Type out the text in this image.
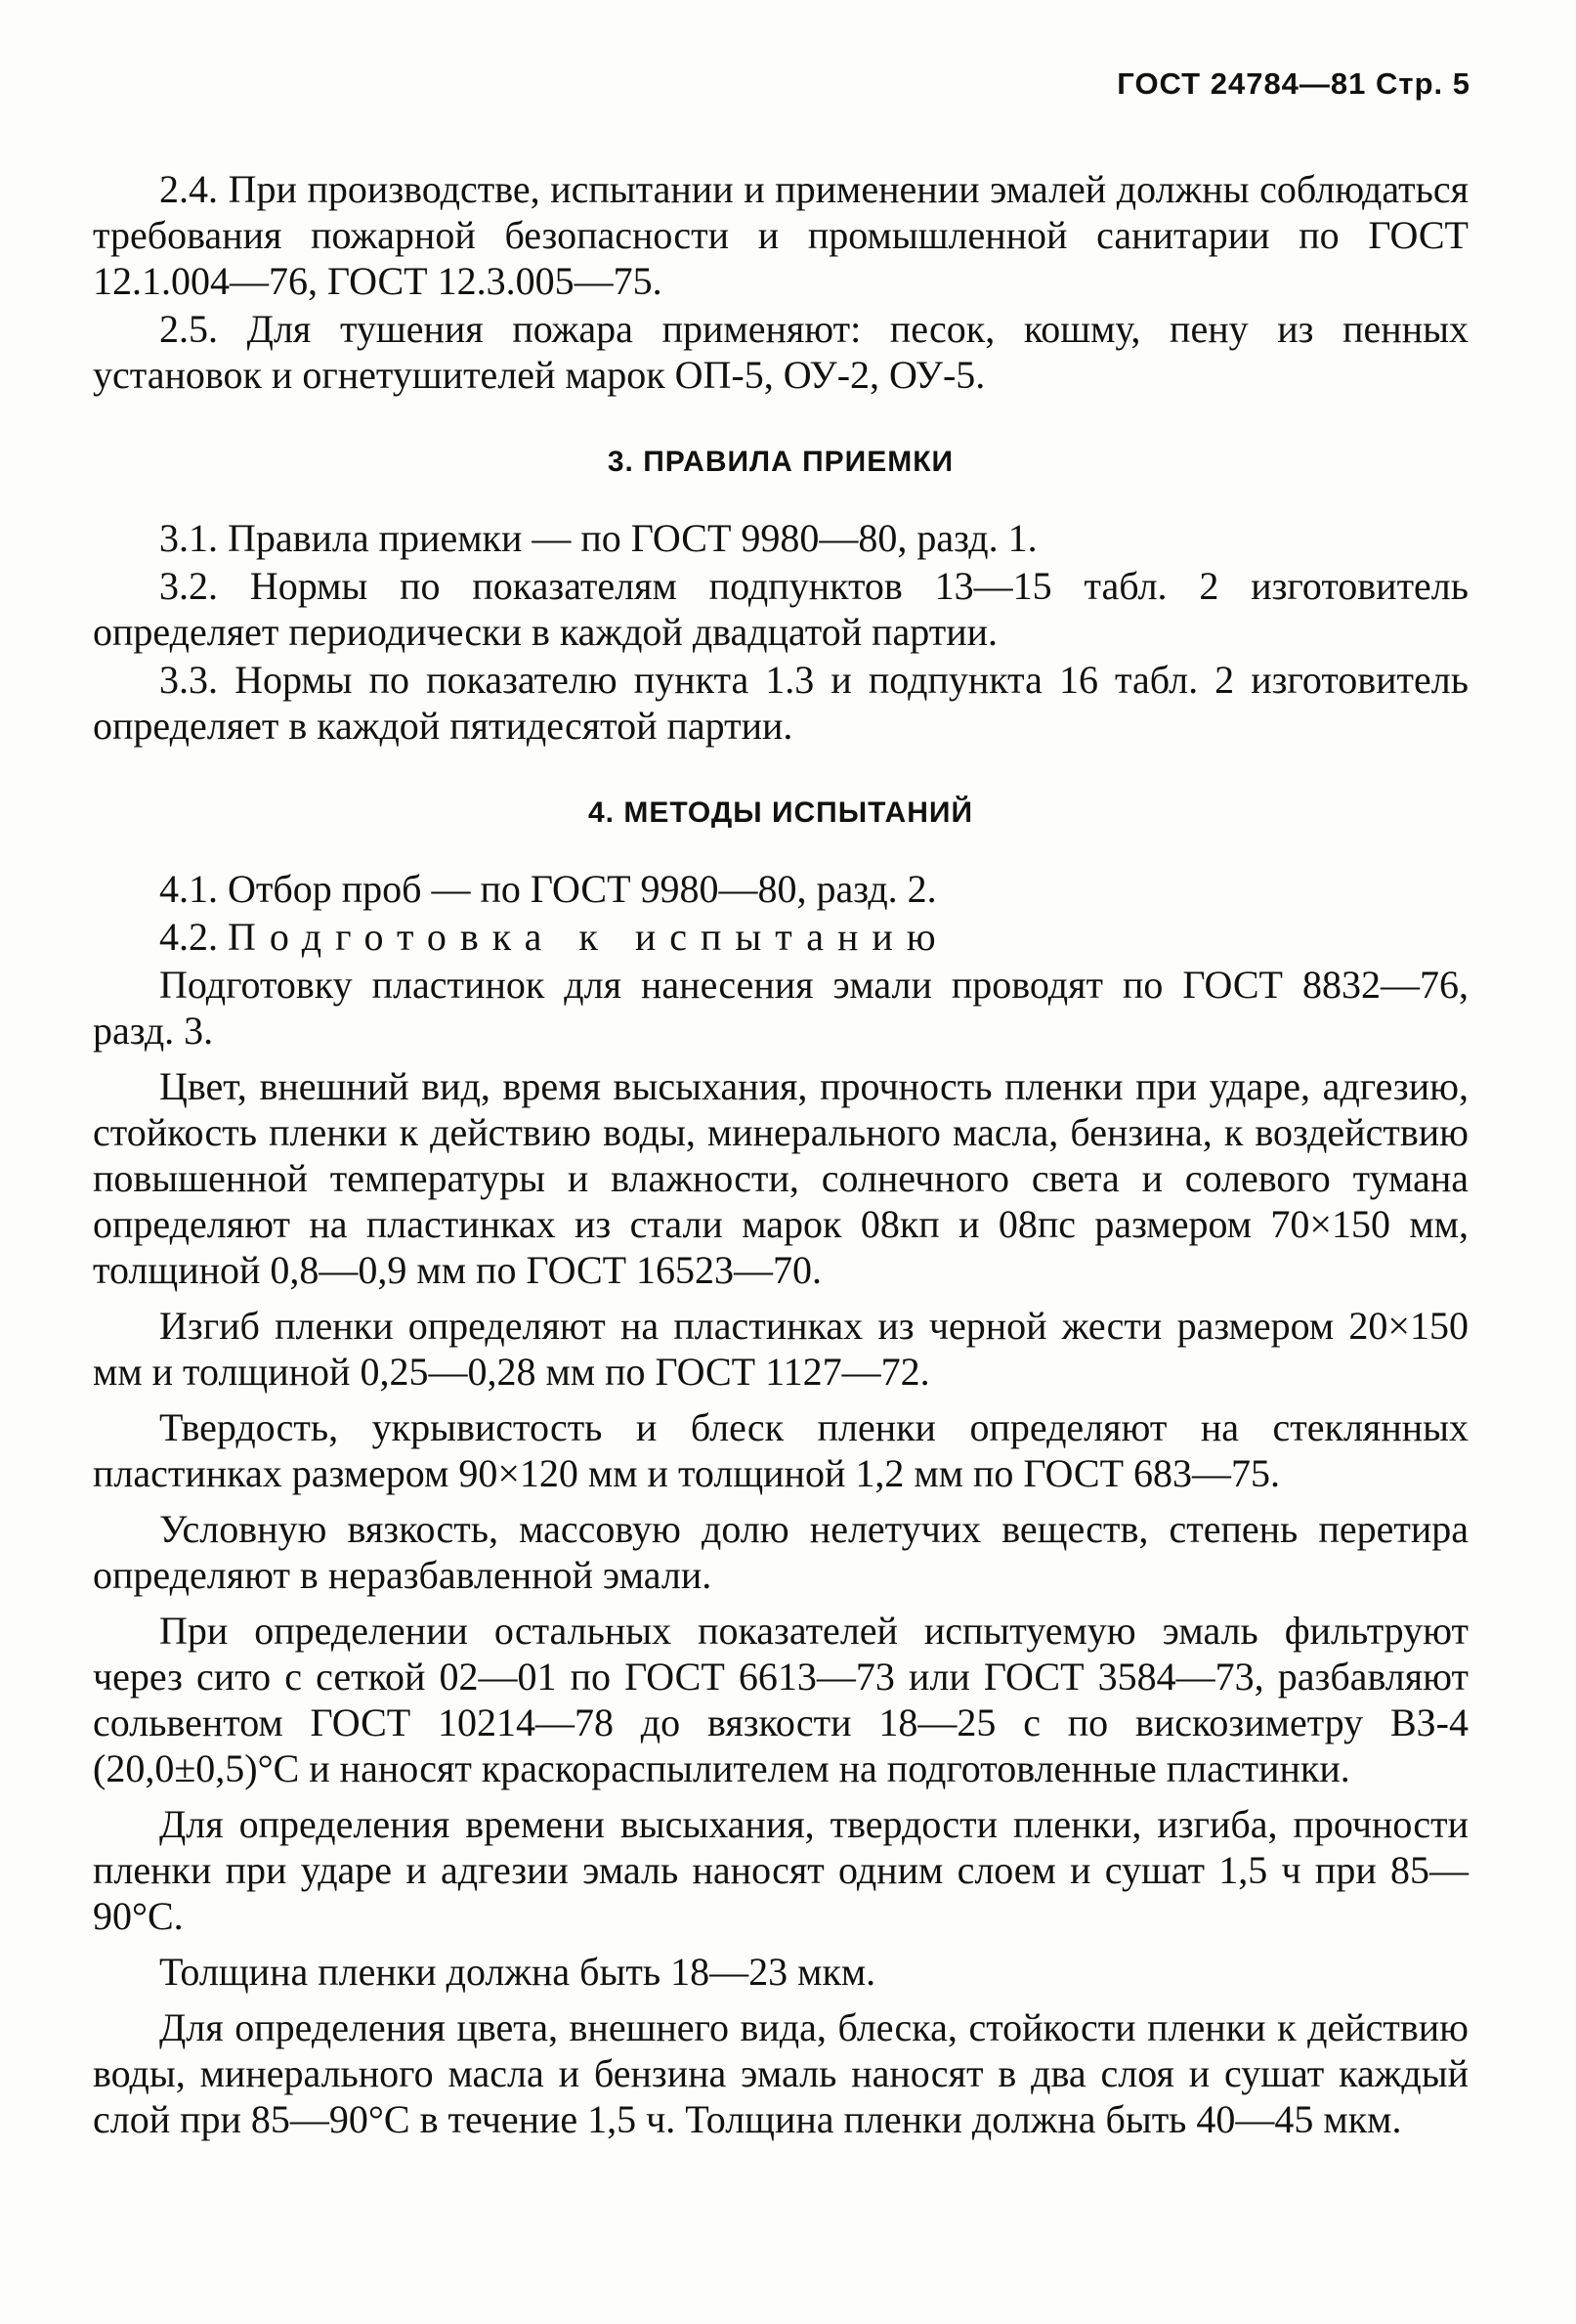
ГОСТ 24784—81 Стр. 5

2.4. При производстве, испытании и применении эмалей должны соблюдаться требования пожарной безопасности и промышленной санитарии по ГОСТ 12.1.004—76, ГОСТ 12.3.005—75.

2.5. Для тушения пожара применяют: песок, кошму, пену из пенных установок и огнетушителей марок ОП-5, ОУ-2, ОУ-5.

3. ПРАВИЛА ПРИЕМКИ

3.1. Правила приемки — по ГОСТ 9980—80, разд. 1.

3.2. Нормы по показателям подпунктов 13—15 табл. 2 изготовитель определяет периодически в каждой двадцатой партии.

3.3. Нормы по показателю пункта 1.3 и подпункта 16 табл. 2 изготовитель определяет в каждой пятидесятой партии.

4. МЕТОДЫ ИСПЫТАНИЙ

4.1. Отбор проб — по ГОСТ 9980—80, разд. 2.

4.2. Подготовка к испытанию

Подготовку пластинок для нанесения эмали проводят по ГОСТ 8832—76, разд. 3.

Цвет, внешний вид, время высыхания, прочность пленки при ударе, адгезию, стойкость пленки к действию воды, минерального масла, бензина, к воздействию повышенной температуры и влажности, солнечного света и солевого тумана определяют на пластинках из стали марок 08кп и 08пс размером 70×150 мм, толщиной 0,8—0,9 мм по ГОСТ 16523—70.

Изгиб пленки определяют на пластинках из черной жести размером 20×150 мм и толщиной 0,25—0,28 мм по ГОСТ 1127—72.

Твердость, укрывистость и блеск пленки определяют на стеклянных пластинках размером 90×120 мм и толщиной 1,2 мм по ГОСТ 683—75.

Условную вязкость, массовую долю нелетучих веществ, степень перетира определяют в неразбавленной эмали.

При определении остальных показателей испытуемую эмаль фильтруют через сито с сеткой 02—01 по ГОСТ 6613—73 или ГОСТ 3584—73, разбавляют сольвентом ГОСТ 10214—78 до вязкости 18—25 с по вискозиметру ВЗ-4 (20,0±0,5)°С и наносят краскораспылителем на подготовленные пластинки.

Для определения времени высыхания, твердости пленки, изгиба, прочности пленки при ударе и адгезии эмаль наносят одним слоем и сушат 1,5 ч при 85—90°С.

Толщина пленки должна быть 18—23 мкм.

Для определения цвета, внешнего вида, блеска, стойкости пленки к действию воды, минерального масла и бензина эмаль наносят в два слоя и сушат каждый слой при 85—90°С в течение 1,5 ч. Толщина пленки должна быть 40—45 мкм.
